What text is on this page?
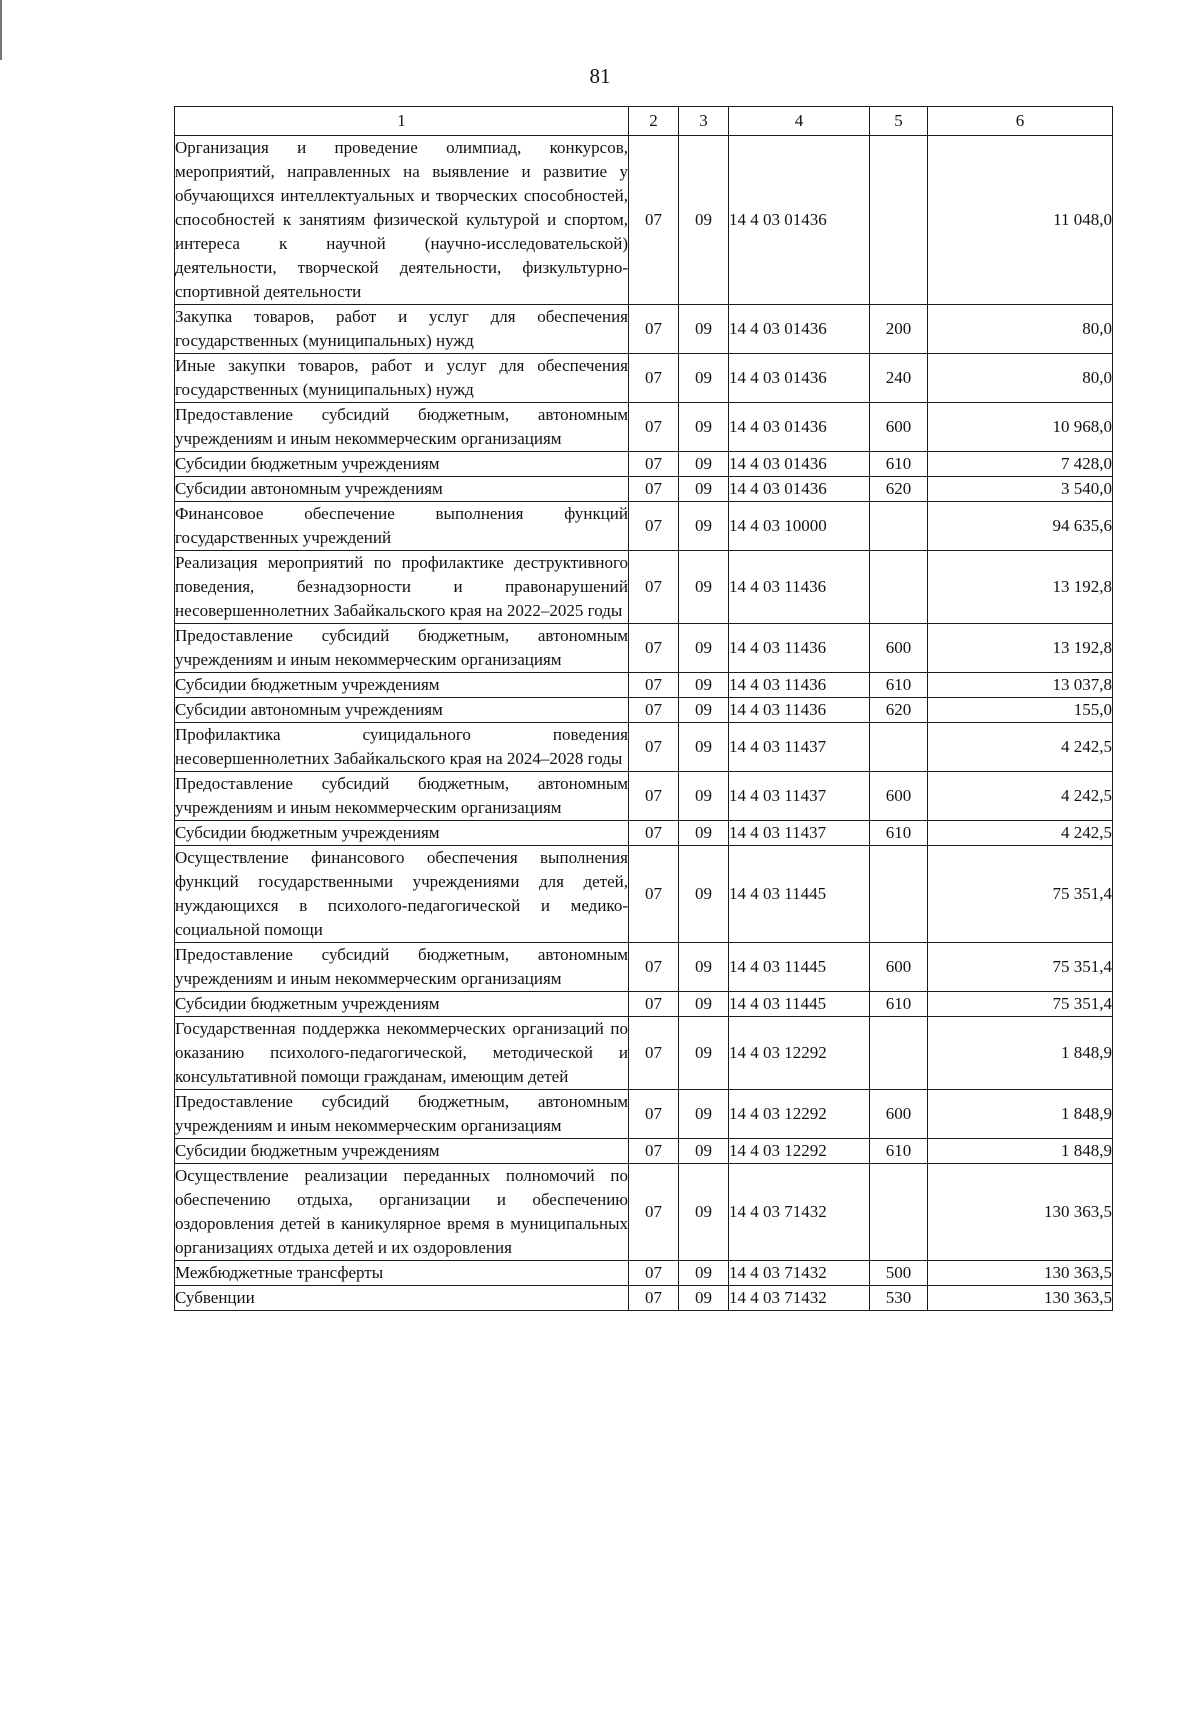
81
1	2	3	4	5	6
Организация и проведение олимпиад, конкурсов, мероприятий, направленных на выявление и развитие у обучающихся интеллектуальных и творческих способностей, способностей к занятиям физической культурой и спортом, интереса к научной (научно-исследовательской) деятельности, творческой деятельности, физкультурно-спортивной деятельности	07	09	14 4 03 01436		11 048,0
Закупка товаров, работ и услуг для обеспечения государственных (муниципальных) нужд	07	09	14 4 03 01436	200	80,0
Иные закупки товаров, работ и услуг для обеспечения государственных (муниципальных) нужд	07	09	14 4 03 01436	240	80,0
Предоставление субсидий бюджетным, автономным учреждениям и иным некоммерческим организациям	07	09	14 4 03 01436	600	10 968,0
Субсидии бюджетным учреждениям	07	09	14 4 03 01436	610	7 428,0
Субсидии автономным учреждениям	07	09	14 4 03 01436	620	3 540,0
Финансовое обеспечение выполнения функций государственных учреждений	07	09	14 4 03 10000		94 635,6
Реализация мероприятий по профилактике деструктивного поведения, безнадзорности и правонарушений несовершеннолетних Забайкальского края на 2022–2025 годы	07	09	14 4 03 11436		13 192,8
Предоставление субсидий бюджетным, автономным учреждениям и иным некоммерческим организациям	07	09	14 4 03 11436	600	13 192,8
Субсидии бюджетным учреждениям	07	09	14 4 03 11436	610	13 037,8
Субсидии автономным учреждениям	07	09	14 4 03 11436	620	155,0
Профилактика суицидального поведения несовершеннолетних Забайкальского края на 2024–2028 годы	07	09	14 4 03 11437		4 242,5
Предоставление субсидий бюджетным, автономным учреждениям и иным некоммерческим организациям	07	09	14 4 03 11437	600	4 242,5
Субсидии бюджетным учреждениям	07	09	14 4 03 11437	610	4 242,5
Осуществление финансового обеспечения выполнения функций государственными учреждениями для детей, нуждающихся в психолого-педагогической и медико-социальной помощи	07	09	14 4 03 11445		75 351,4
Предоставление субсидий бюджетным, автономным учреждениям и иным некоммерческим организациям	07	09	14 4 03 11445	600	75 351,4
Субсидии бюджетным учреждениям	07	09	14 4 03 11445	610	75 351,4
Государственная поддержка некоммерческих организаций по оказанию психолого-педагогической, методической и консультативной помощи гражданам, имеющим детей	07	09	14 4 03 12292		1 848,9
Предоставление субсидий бюджетным, автономным учреждениям и иным некоммерческим организациям	07	09	14 4 03 12292	600	1 848,9
Субсидии бюджетным учреждениям	07	09	14 4 03 12292	610	1 848,9
Осуществление реализации переданных полномочий по обеспечению отдыха, организации и обеспечению оздоровления детей в каникулярное время в муниципальных организациях отдыха детей и их оздоровления	07	09	14 4 03 71432		130 363,5
Межбюджетные трансферты	07	09	14 4 03 71432	500	130 363,5
Субвенции	07	09	14 4 03 71432	530	130 363,5
